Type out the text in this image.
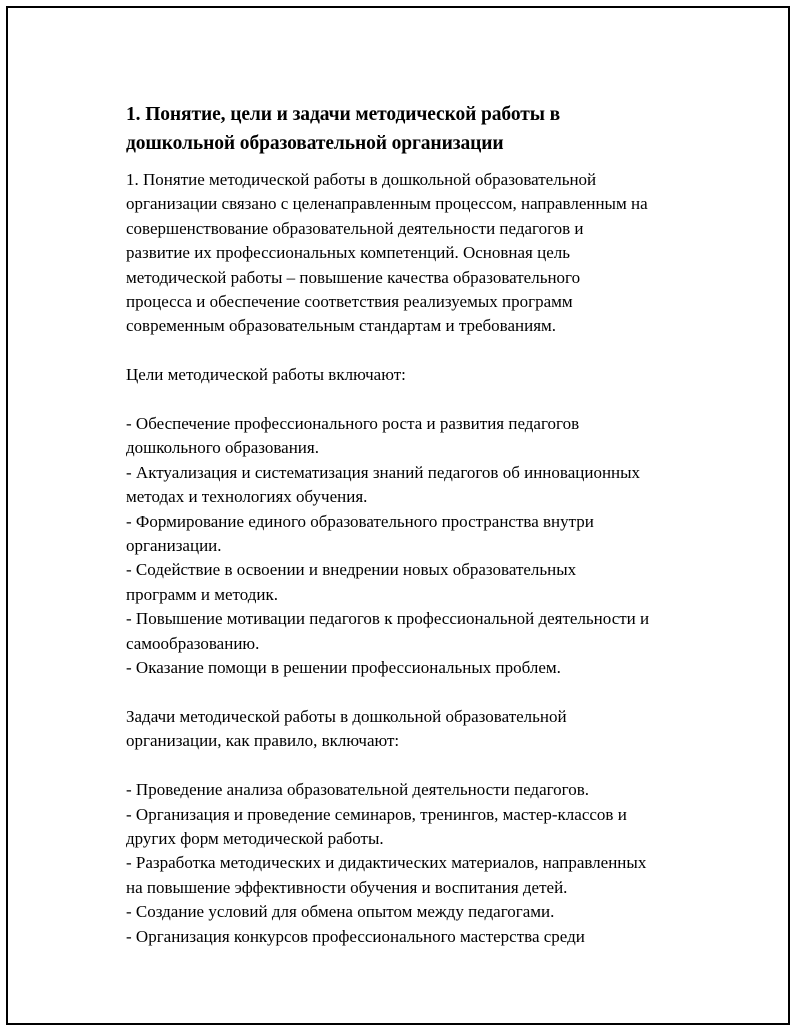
1. Понятие, цели и задачи методической работы в
дошкольной образовательной организации
1. Понятие методической работы в дошкольной образовательной
организации связано с целенаправленным процессом, направленным на
совершенствование образовательной деятельности педагогов и
развитие их профессиональных компетенций. Основная цель
методической работы – повышение качества образовательного
процесса и обеспечение соответствия реализуемых программ
современным образовательным стандартам и требованиям.
Цели методической работы включают:
- Обеспечение профессионального роста и развития педагогов
дошкольного образования.
- Актуализация и систематизация знаний педагогов об инновационных
методах и технологиях обучения.
- Формирование единого образовательного пространства внутри
организации.
- Содействие в освоении и внедрении новых образовательных
программ и методик.
- Повышение мотивации педагогов к профессиональной деятельности и
самообразованию.
- Оказание помощи в решении профессиональных проблем.
Задачи методической работы в дошкольной образовательной
организации, как правило, включают:
- Проведение анализа образовательной деятельности педагогов.
- Организация и проведение семинаров, тренингов, мастер-классов и
других форм методической работы.
- Разработка методических и дидактических материалов, направленных
на повышение эффективности обучения и воспитания детей.
- Создание условий для обмена опытом между педагогами.
- Организация конкурсов профессионального мастерства среди
